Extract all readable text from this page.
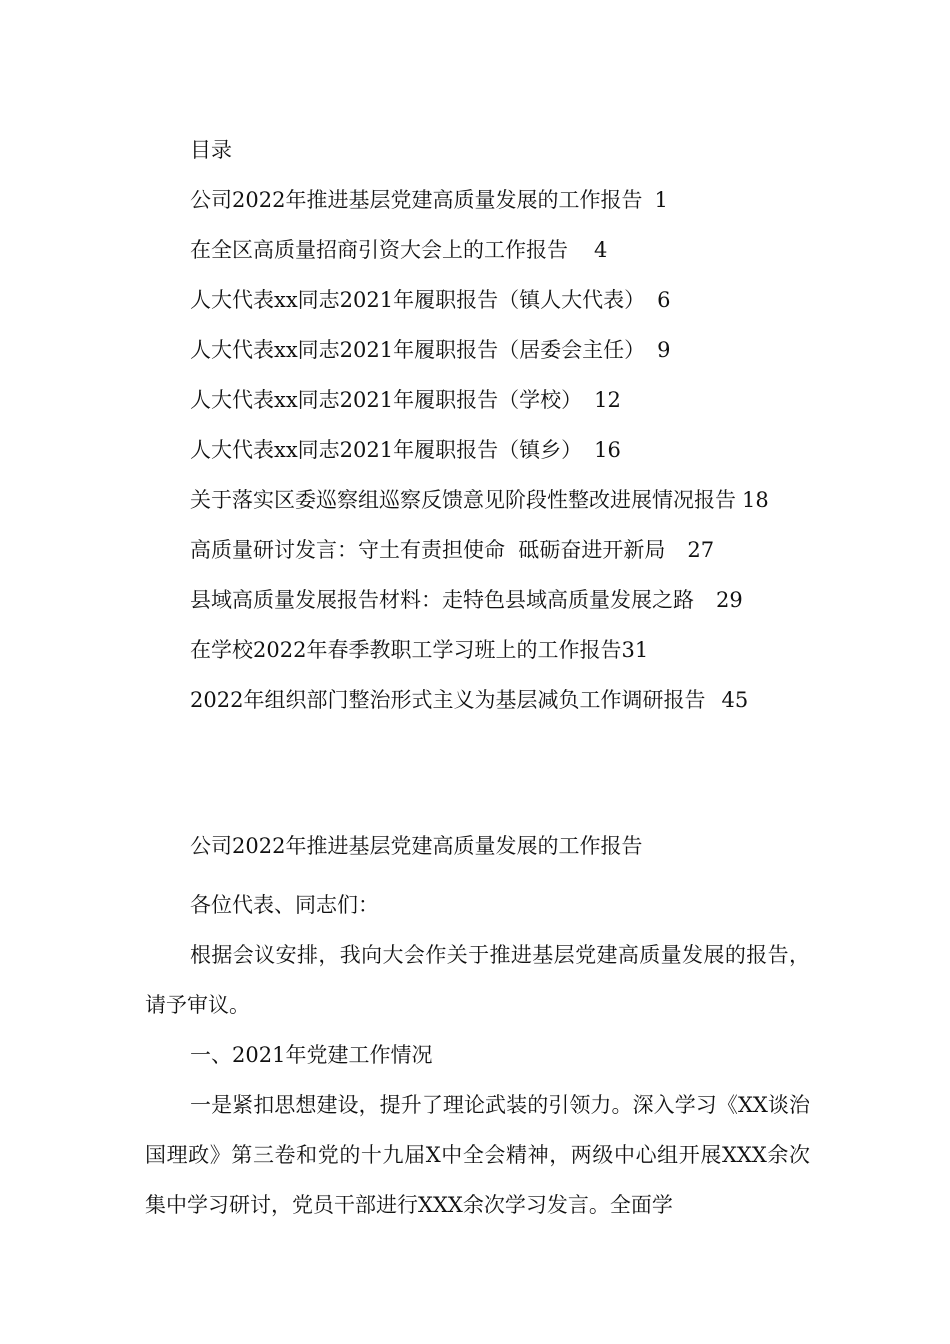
目录
公司2022年推进基层党建高质量发展的工作报告 1
在全区高质量招商引资大会上的工作报告 4
人大代表xx同志2021年履职报告（镇人大代表） 6
人大代表xx同志2021年履职报告（居委会主任） 9
人大代表xx同志2021年履职报告（学校） 12
人大代表xx同志2021年履职报告（镇乡） 16
关于落实区委巡察组巡察反馈意见阶段性整改进展情况报告 18
高质量研讨发言：守土有责担使命  砥砺奋进开新局 27
县域高质量发展报告材料：走特色县域高质量发展之路 29
在学校2022年春季教职工学习班上的工作报告31
2022年组织部门整治形式主义为基层减负工作调研报告 45
公司2022年推进基层党建高质量发展的工作报告

各位代表、同志们：

根据会议安排，我向大会作关于推进基层党建高质量发展的报告，请予审议。

一、2021年党建工作情况

一是紧扣思想建设，提升了理论武装的引领力。深入学习《XX谈治国理政》第三卷和党的十九届X中全会精神，两级中心组开展XXX余次集中学习研讨，党员干部进行XXX余次学习发言。全面学
